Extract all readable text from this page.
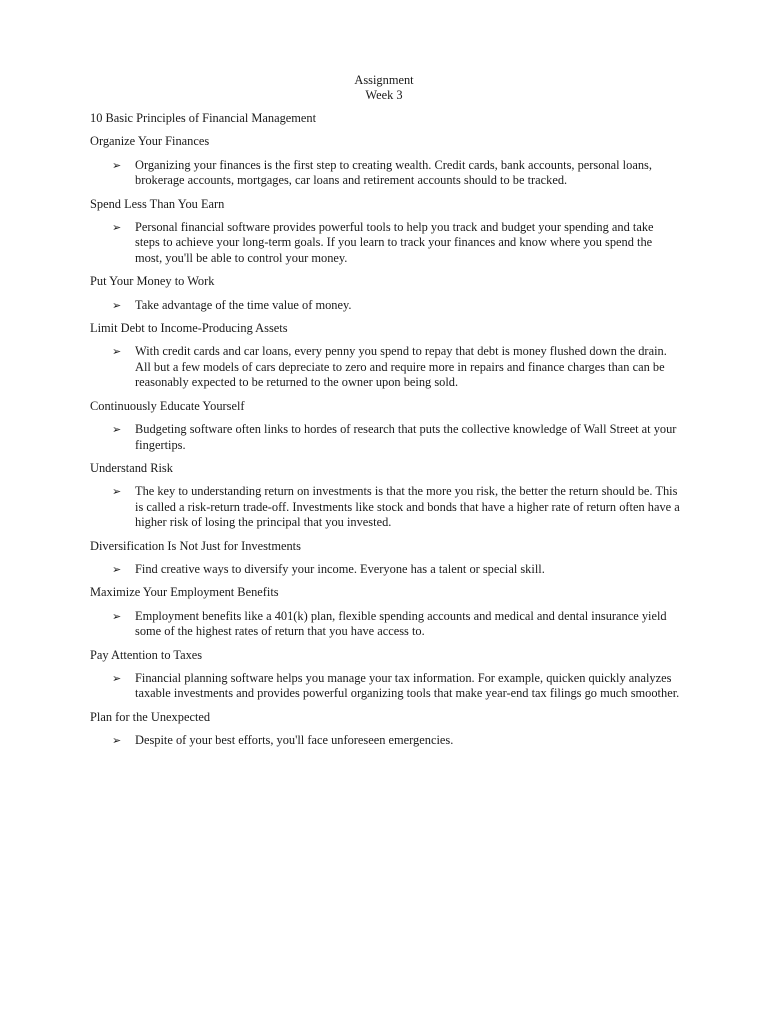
Assignment
Week 3
10 Basic Principles of Financial Management
Organize Your Finances
➢ Organizing your finances is the first step to creating wealth. Credit cards, bank accounts, personal loans, brokerage accounts, mortgages, car loans and retirement accounts should to be tracked.
Spend Less Than You Earn
➢ Personal financial software provides powerful tools to help you track and budget your spending and take steps to achieve your long-term goals. If you learn to track your finances and know where you spend the most, you'll be able to control your money.
Put Your Money to Work
➢ Take advantage of the time value of money.
Limit Debt to Income-Producing Assets
➢ With credit cards and car loans, every penny you spend to repay that debt is money flushed down the drain. All but a few models of cars depreciate to zero and require more in repairs and finance charges than can be reasonably expected to be returned to the owner upon being sold.
Continuously Educate Yourself
➢ Budgeting software often links to hordes of research that puts the collective knowledge of Wall Street at your fingertips.
Understand Risk
➢ The key to understanding return on investments is that the more you risk, the better the return should be. This is called a risk-return trade-off. Investments like stock and bonds that have a higher rate of return often have a higher risk of losing the principal that you invested.
Diversification Is Not Just for Investments
➢ Find creative ways to diversify your income. Everyone has a talent or special skill.
Maximize Your Employment Benefits
➢ Employment benefits like a 401(k) plan, flexible spending accounts and medical and dental insurance yield some of the highest rates of return that you have access to.
Pay Attention to Taxes
➢ Financial planning software helps you manage your tax information. For example, quicken quickly analyzes taxable investments and provides powerful organizing tools that make year-end tax filings go much smoother.
Plan for the Unexpected
➢ Despite of your best efforts, you'll face unforeseen emergencies.
